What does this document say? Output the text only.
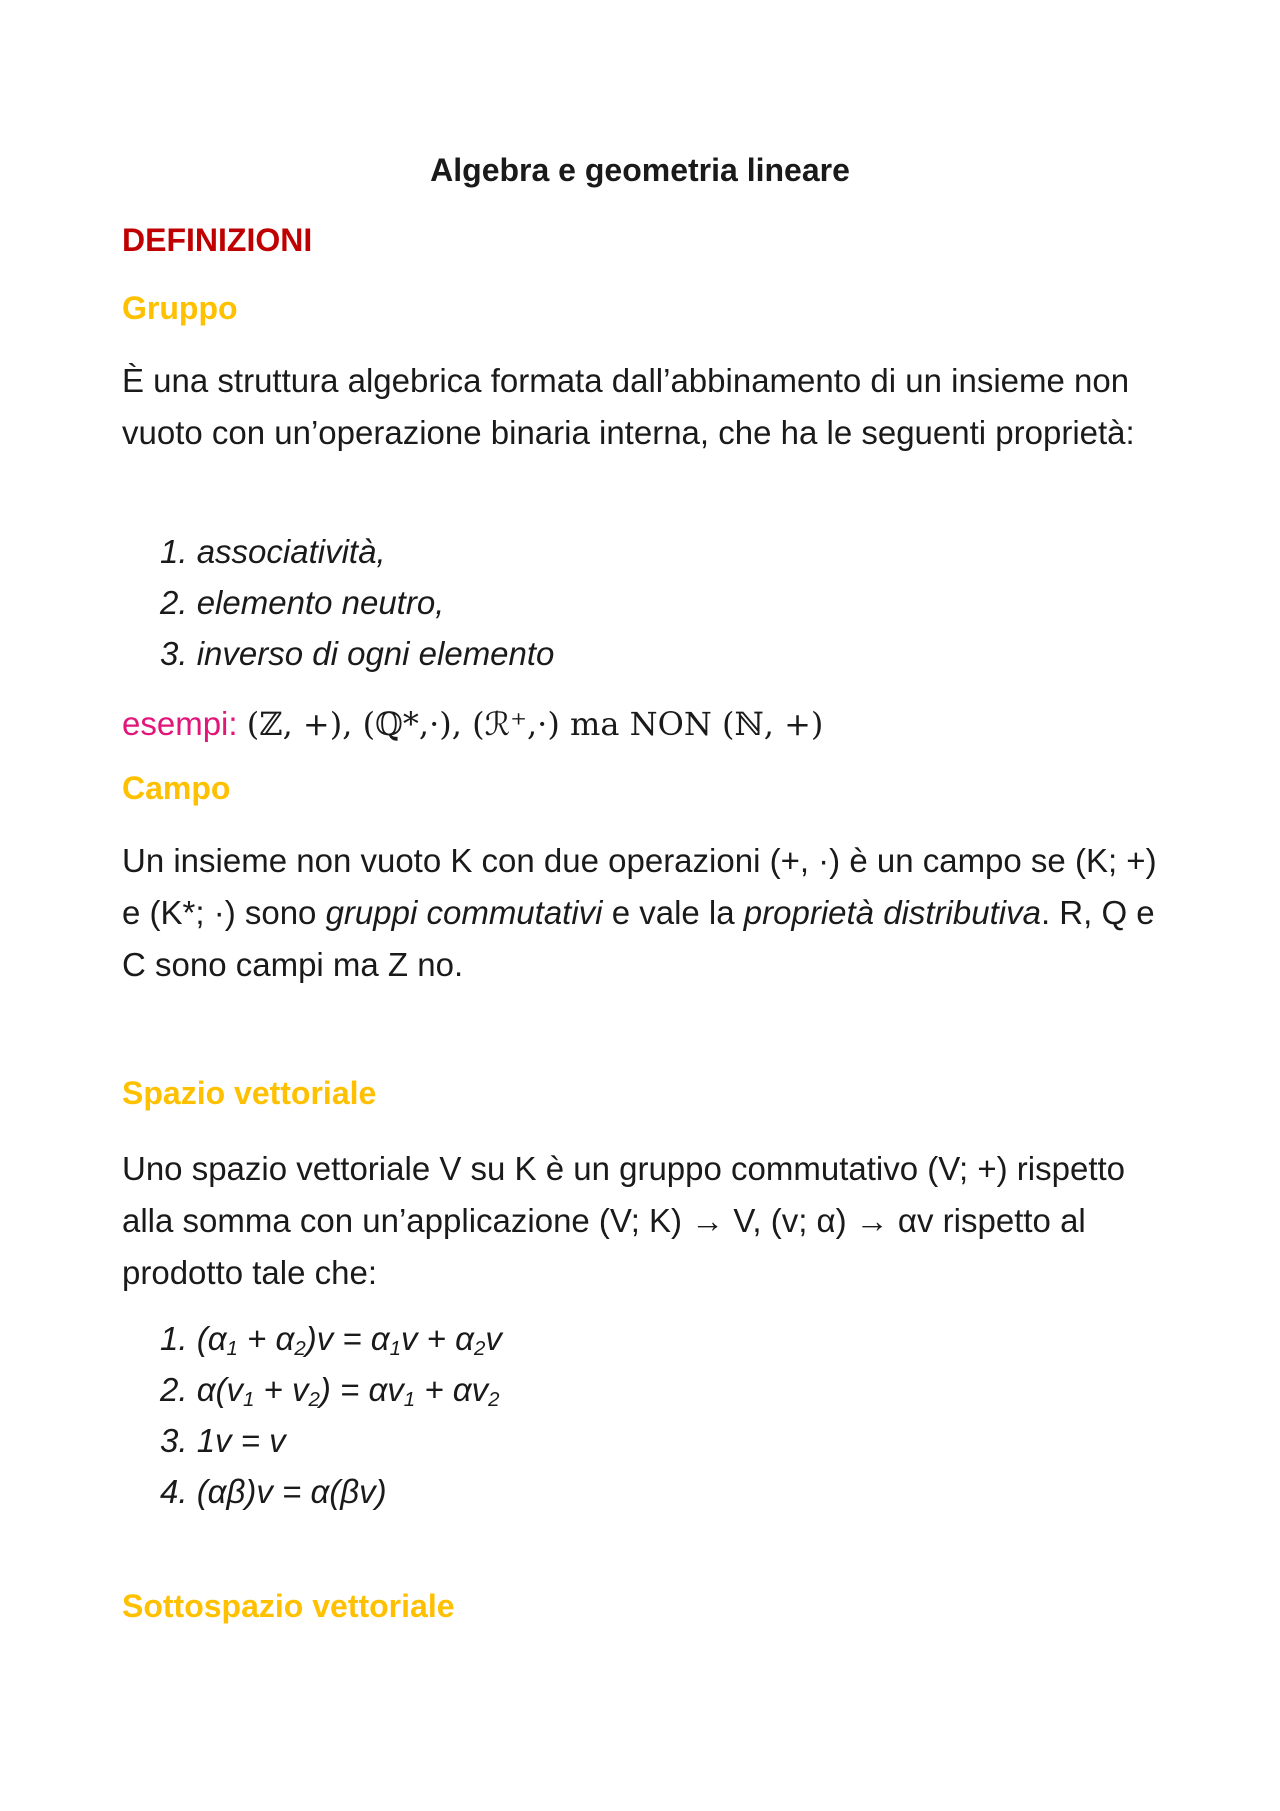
Algebra e geometria lineare
DEFINIZIONI
Gruppo
È una struttura algebrica formata dall’abbinamento di un insieme non vuoto con un’operazione binaria interna, che ha le seguenti proprietà:
1. associatività,
2. elemento neutro,
3. inverso di ogni elemento
esempi: (ℤ, +), (ℚ*,·), (ℛ⁺,·) ma NON (ℕ, +)
Campo
Un insieme non vuoto K con due operazioni (+, ·) è un campo se (K; +) e (K*; ·) sono gruppi commutativi e vale la proprietà distributiva. R, Q e C sono campi ma Z no.
Spazio vettoriale
Uno spazio vettoriale V su K è un gruppo commutativo (V; +) rispetto alla somma con un’applicazione (V; K) → V, (v; α) → αv rispetto al prodotto tale che:
1. $(\alpha_1 + \alpha_2)v = \alpha_1v + \alpha_2v$
2. $\alpha(v_1 + v_2) = \alpha v_1 + \alpha v_2$
3. 1v = v
4. (αβ)v = α(βv)
Sottospazio vettoriale
